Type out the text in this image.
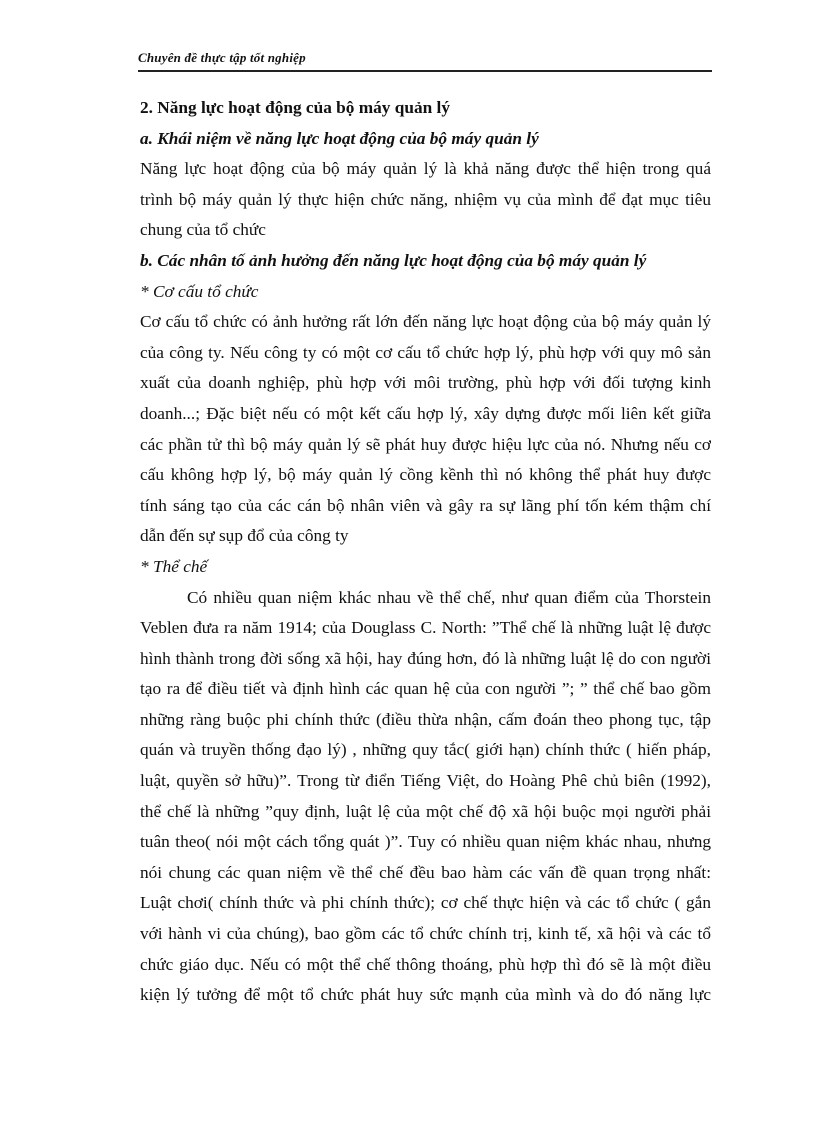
Chuyên đề thực tập tốt nghiệp
2. Năng lực hoạt động của bộ máy quản lý
a. Khái niệm về năng lực hoạt động của bộ máy quản lý
Năng lực hoạt động của bộ máy quản lý là khả năng được thể hiện trong quá
trình bộ máy quản lý thực hiện chức năng, nhiệm vụ của mình để đạt mục tiêu
chung của tổ chức
b. Các nhân tố ảnh hưởng đến năng lực hoạt động của bộ máy quản lý
* Cơ cấu tổ chức
Cơ cấu tổ chức có ảnh hưởng rất lớn đến năng lực hoạt động của bộ máy quản lý
của công ty. Nếu công ty có một cơ cấu tổ chức hợp lý, phù hợp với quy mô sản
xuất của doanh nghiệp, phù hợp với môi trường, phù hợp với đối tượng kinh
doanh...; Đặc biệt nếu có một kết cấu hợp lý, xây dựng được mối liên kết giữa
các phần tử thì bộ máy quản lý sẽ phát huy được hiệu lực của nó. Nhưng nếu cơ
cấu không hợp lý, bộ máy quản lý cồng kềnh thì nó không thể phát huy được
tính sáng tạo của các cán bộ nhân viên và gây ra sự lãng phí tốn kém thậm chí
dẫn đến sự sụp đổ của công ty
* Thể chế
Có nhiều quan niệm khác nhau về thể chế, như quan điểm của Thorstein
Veblen đưa ra năm 1914; của Douglass C. North: ”Thể chế là những luật lệ được
hình thành trong đời sống xã hội, hay đúng hơn, đó là những luật lệ do con người
tạo ra để điều tiết và định hình các quan hệ của con người ”; ” thể chế bao gồm
những ràng buộc phi chính thức (điều thừa nhận, cấm đoán theo phong tục, tập
quán và truyền thống đạo lý) , những quy tắc( giới hạn) chính thức ( hiến pháp,
luật, quyền sở hữu)”. Trong từ điển Tiếng Việt, do Hoàng Phê chủ biên (1992),
thể chế là những ”quy định, luật lệ của một chế độ xã hội buộc mọi người phải
tuân theo( nói một cách tổng quát )”. Tuy có nhiều quan niệm khác nhau, nhưng
nói chung các quan niệm về thể chế đều bao hàm các vấn đề quan trọng nhất:
Luật chơi( chính thức và phi chính thức); cơ chế thực hiện và các tổ chức ( gắn
với hành vi của chúng), bao gồm các tổ chức chính trị, kinh tế, xã hội và các tổ
chức giáo dục. Nếu có một thể chế thông thoáng, phù hợp thì đó sẽ là một điều
kiện lý tưởng để một tổ chức phát huy sức mạnh của mình và do đó năng lực
